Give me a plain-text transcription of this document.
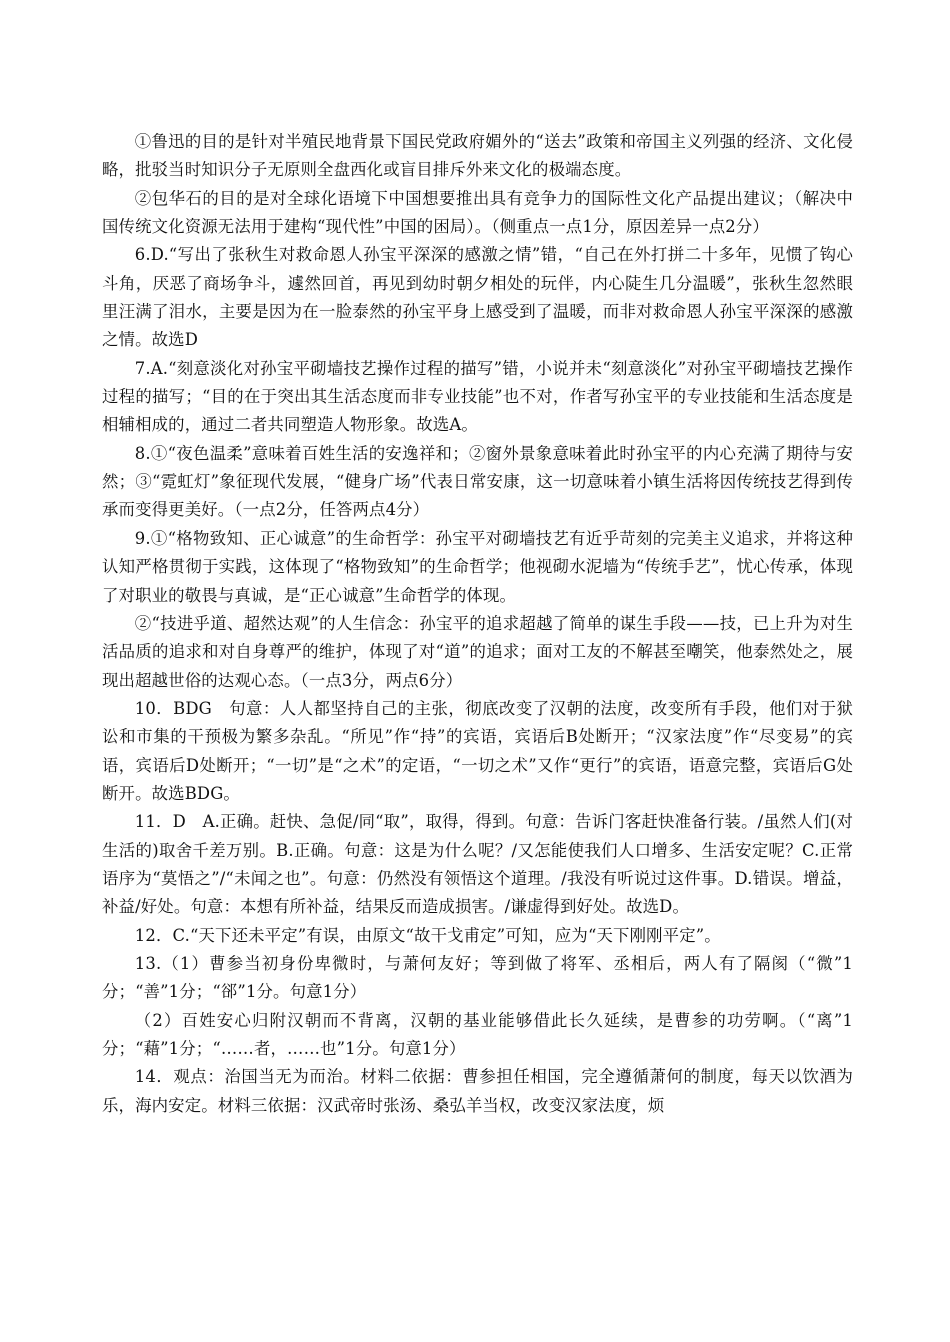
①鲁迅的目的是针对半殖民地背景下国民党政府媚外的“送去”政策和帝国主义列强的经济、文化侵略，批驳当时知识分子无原则全盘西化或盲目排斥外来文化的极端态度。

②包华石的目的是对全球化语境下中国想要推出具有竞争力的国际性文化产品提出建议；（解决中国传统文化资源无法用于建构“现代性”中国的困局）。（侧重点一点1分，原因差异一点2分）

6.D.“写出了张秋生对救命恩人孙宝平深深的感激之情”错，“自己在外打拼二十多年，见惯了钩心斗角，厌恶了商场争斗，遽然回首，再见到幼时朝夕相处的玩伴，内心陡生几分温暖”，张秋生忽然眼里汪满了泪水，主要是因为在一脸泰然的孙宝平身上感受到了温暖，而非对救命恩人孙宝平深深的感激之情。故选D

7.A.“刻意淡化对孙宝平砌墙技艺操作过程的描写”错，小说并未“刻意淡化”对孙宝平砌墙技艺操作过程的描写；“目的在于突出其生活态度而非专业技能”也不对，作者写孙宝平的专业技能和生活态度是相辅相成的，通过二者共同塑造人物形象。故选A。

8.①“夜色温柔”意味着百姓生活的安逸祥和；②窗外景象意味着此时孙宝平的内心充满了期待与安然；③“霓虹灯”象征现代发展，“健身广场”代表日常安康，这一切意味着小镇生活将因传统技艺得到传承而变得更美好。（一点2分，任答两点4分）

9.①“格物致知、正心诚意”的生命哲学：孙宝平对砌墙技艺有近乎苛刻的完美主义追求，并将这种认知严格贯彻于实践，这体现了“格物致知”的生命哲学；他视砌水泥墙为“传统手艺”，忧心传承，体现了对职业的敬畏与真诚，是“正心诚意”生命哲学的体现。

②“技进乎道、超然达观”的人生信念：孙宝平的追求超越了简单的谋生手段——技，已上升为对生活品质的追求和对自身尊严的维护，体现了对“道”的追求；面对工友的不解甚至嘲笑，他泰然处之，展现出超越世俗的达观心态。（一点3分，两点6分）

10．BDG　句意：人人都坚持自己的主张，彻底改变了汉朝的法度，改变所有手段，他们对于狱讼和市集的干预极为繁多杂乱。“所见”作“持”的宾语，宾语后B处断开；“汉家法度”作“尽变易”的宾语，宾语后D处断开；“一切”是“之术”的定语，“一切之术”又作“更行”的宾语，语意完整，宾语后G处断开。故选BDG。

11．D　A.正确。赶快、急促/同“取”，取得，得到。句意：告诉门客赶快准备行装。/虽然人们(对生活的)取舍千差万别。B.正确。句意：这是为什么呢？/又怎能使我们人口增多、生活安定呢？C.正常语序为“莫悟之”/“未闻之也”。句意：仍然没有领悟这个道理。/我没有听说过这件事。D.错误。增益，补益/好处。句意：本想有所补益，结果反而造成损害。/谦虚得到好处。故选D。

12．C.“天下还未平定”有误，由原文“故干戈甫定”可知，应为“天下刚刚平定”。

13.（1）曹参当初身份卑微时，与萧何友好；等到做了将军、丞相后，两人有了隔阂（“微”1分；“善”1分；“郤”1分。句意1分）

（2）百姓安心归附汉朝而不背离，汉朝的基业能够借此长久延续，是曹参的功劳啊。（“离”1分；“藉”1分；“……者，……也”1分。句意1分）

14．观点：治国当无为而治。材料二依据：曹参担任相国，完全遵循萧何的制度，每天以饮酒为乐，海内安定。材料三依据：汉武帝时张汤、桑弘羊当权，改变汉家法度，烦
